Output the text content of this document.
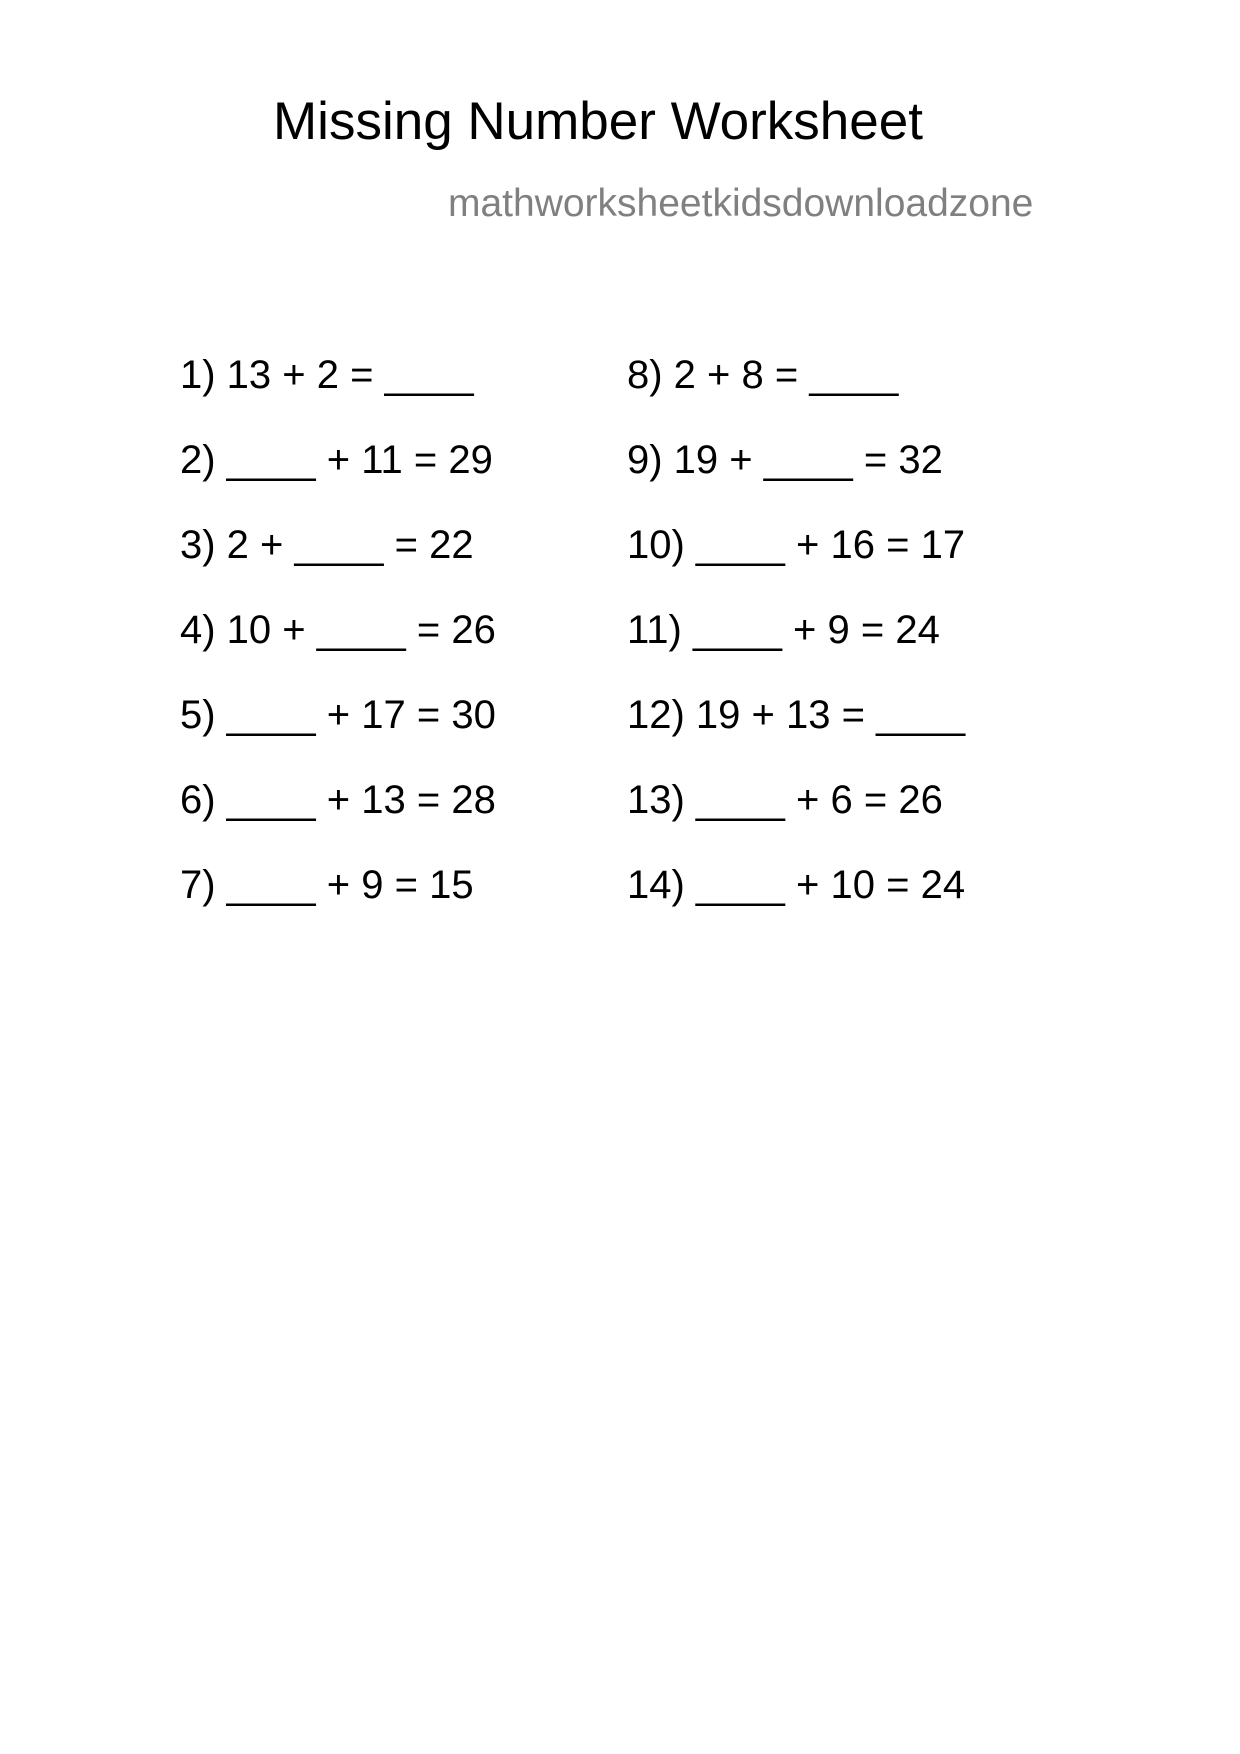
Missing Number Worksheet
mathworksheetkidsdownloadzone
1) 13 + 2 = ____
2) ____ + 11 = 29
3) 2 + ____ = 22
4) 10 + ____ = 26
5) ____ + 17 = 30
6) ____ + 13 = 28
7) ____ + 9 = 15
8) 2 + 8 = ____
9) 19 + ____ = 32
10) ____ + 16 = 17
11) ____ + 9 = 24
12) 19 + 13 = ____
13) ____ + 6 = 26
14) ____ + 10 = 24
